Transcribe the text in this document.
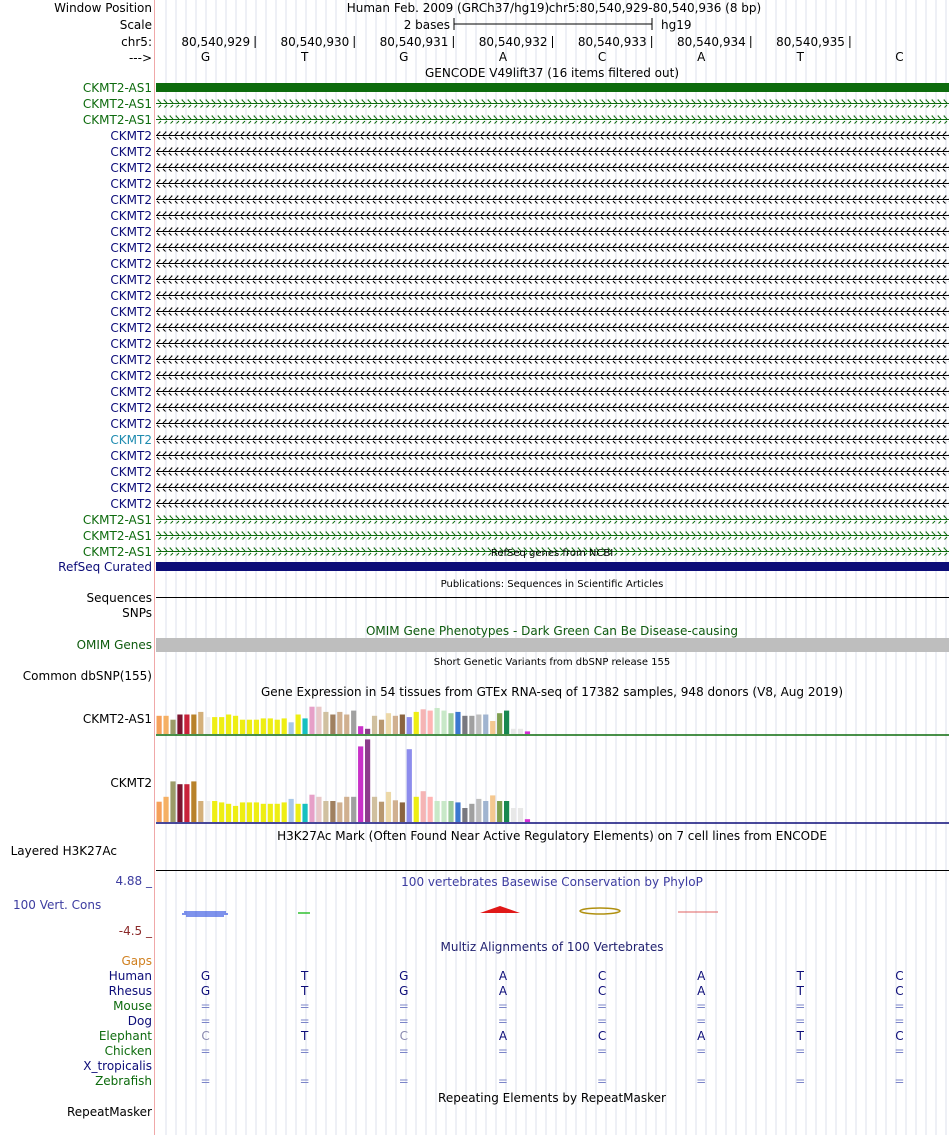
Window Position
Scale
chr5:
--->
Human Feb. 2009 (GRCh37/hg19) chr5:80,540,929-80,540,936 (8 bp)
2 bases	hg19
80,540,929	80,540,930	80,540,931	80,540,932	80,540,933	80,540,934	80,540,935
G	T	G	A	C	A	T	C
GENCODE V49lift37 (16 items filtered out)
CKMT2-AS1
CKMT2-AS1
CKMT2-AS1
CKMT2
CKMT2
CKMT2
CKMT2
CKMT2
CKMT2
CKMT2
CKMT2
CKMT2
CKMT2
CKMT2
CKMT2
CKMT2
CKMT2
CKMT2
CKMT2
CKMT2
CKMT2
CKMT2
CKMT2
CKMT2
CKMT2
CKMT2
CKMT2
CKMT2-AS1
CKMT2-AS1
CKMT2-AS1	RefSeq genes from NCBI
RefSeq Curated
Publications: Sequences in Scientific Articles
Sequences
SNPs
OMIM Gene Phenotypes - Dark Green Can Be Disease-causing
OMIM Genes
Short Genetic Variants from dbSNP release 155
Common dbSNP(155)
Gene Expression in 54 tissues from GTEx RNA-seq of 17382 samples, 948 donors (V8, Aug 2019)
CKMT2-AS1
CKMT2
H3K27Ac Mark (Often Found Near Active Regulatory Elements) on 7 cell lines from ENCODE
Layered H3K27Ac
100 vertebrates Basewise Conservation by PhyloP
4.88 _
100 Vert. Cons
-4.5 _
Multiz Alignments of 100 Vertebrates
Gaps
Human	G	T	G	A	C	A	T	C
Rhesus	G	T	G	A	C	A	T	C
Mouse	=	=	=	=	=	=	=	=
Dog	=	=	=	=	=	=	=	=
Elephant	C	T	C	A	C	A	T	C
Chicken	=	=	=	=	=	=	=	=
X_tropicalis
Zebrafish	=	=	=	=	=	=	=	=
Repeating Elements by RepeatMasker
RepeatMasker
